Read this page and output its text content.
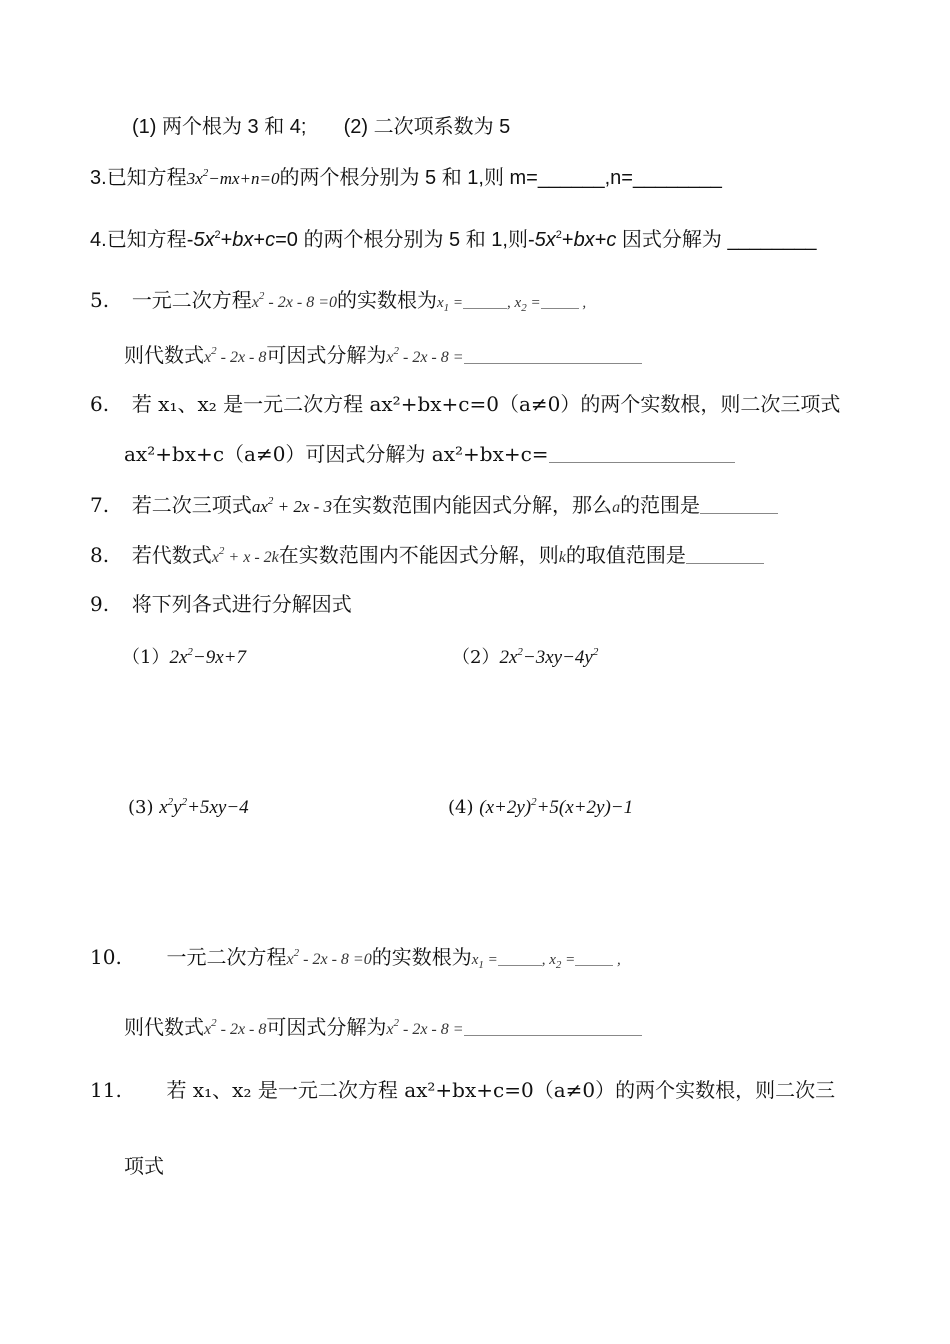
(1) 两个根为 3 和 4; (2) 二次项系数为 5
3.已知方程$3x^2-mx+n=0$的两个根分别为 5 和 1,则 m=______,n=________
4.已知方程$-5x^2+bx+c=0$ 的两个根分别为 5 和 1,则$-5x^2+bx+c$ 因式分解为 ________
5. 一元二次方程$x^2 - 2x - 8 =0$的实数根为$x_1$ =	, $x_2$ =	,
则代数式$x^2 - 2x - 8$可因式分解为$x^2 - 2x - 8$ =
6. 若 x₁、x₂ 是一元二次方程 ax²+bx+c=0（a≠0）的两个实数根，则二次三项式
ax²+bx+c（a≠0）可因式分解为 ax²+bx+c=
7. 若二次三项式$ax^2 + 2x - 3$在实数范围内能因式分解，那么a的范围是
8. 若代数式$x^2 + x - 2k$在实数范围内不能因式分解，则k的取值范围是
9. 将下列各式进行分解因式
$(1)2x^2-9x+7$	$(2)2x^2-3xy-4y^2$
(3) $x^2y^2+5xy-4$	(4) $(x+2y)^2+5(x+2y)-1$
10. 一元二次方程$x^2 - 2x - 8 =0$的实数根为$x_1$ =	, $x_2$ =	,
则代数式$x^2 - 2x - 8$可因式分解为$x^2 - 2x - 8$ =
11. 若 x₁、x₂ 是一元二次方程 ax²+bx+c=0（a≠0）的两个实数根，则二次三
项式
